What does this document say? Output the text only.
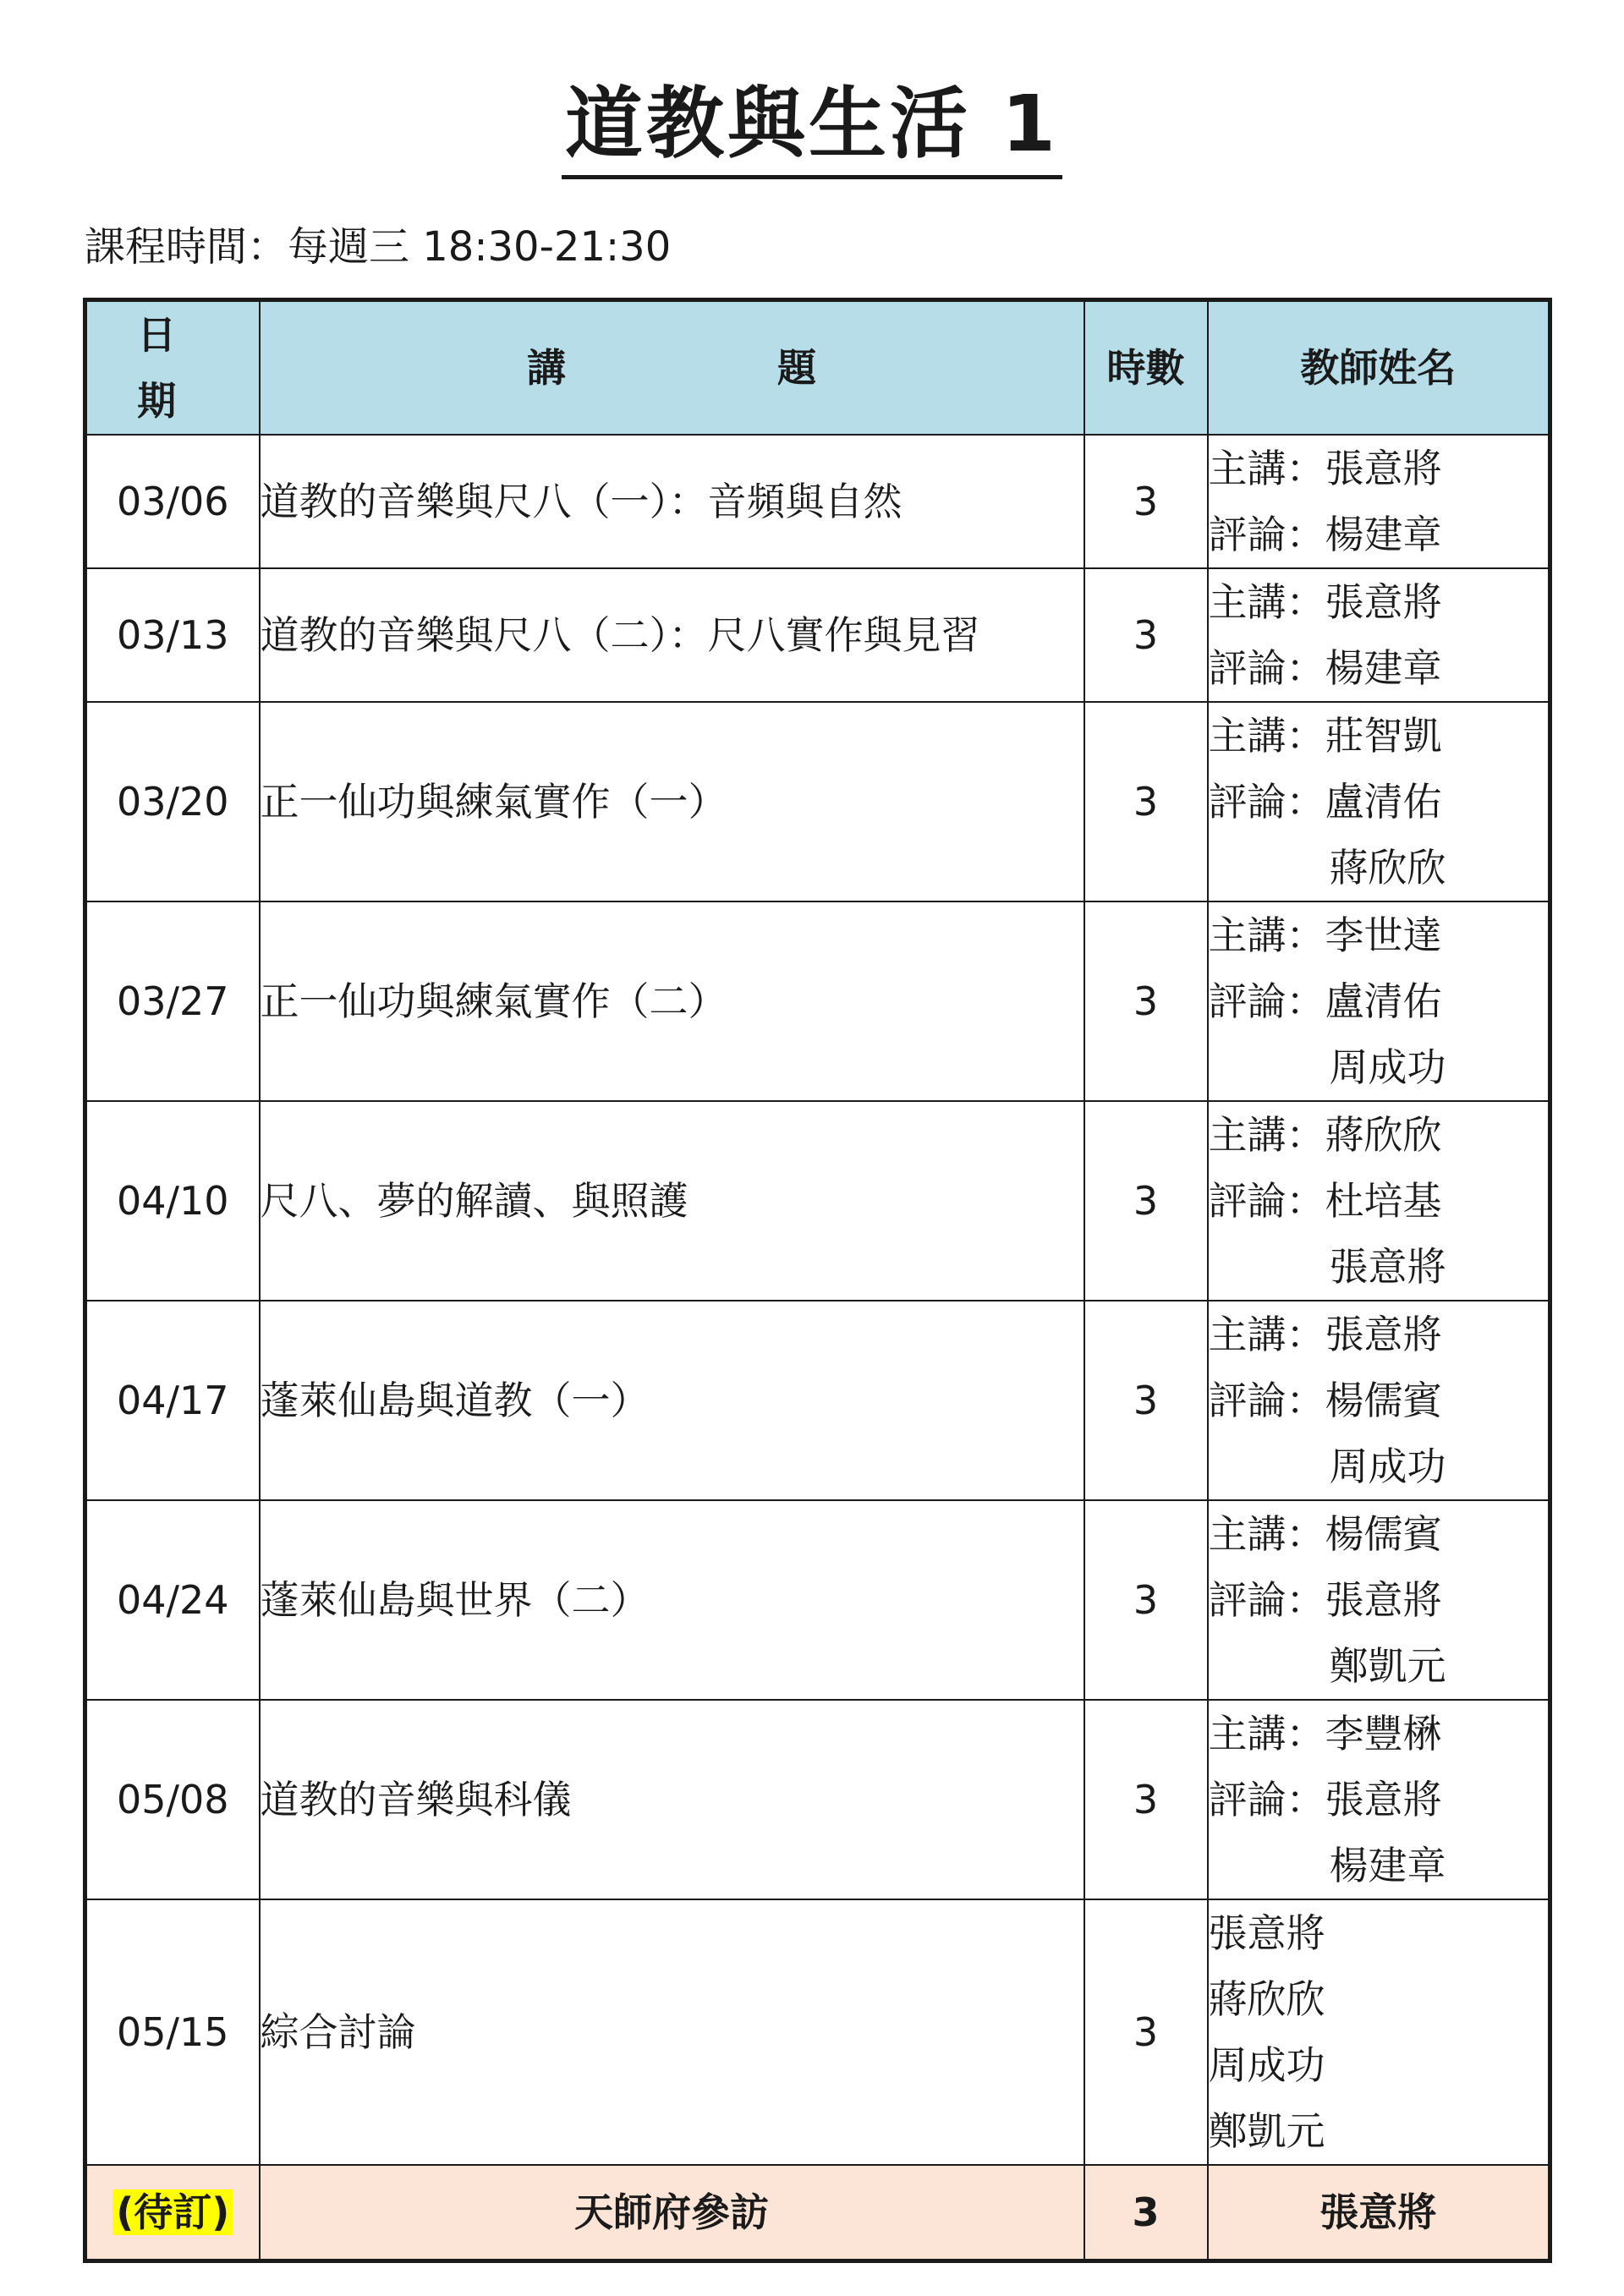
道教與生活 1
課程時間：每週三 18:30-21:30
日 期	講 題	時數	教師姓名
03/06	道教的音樂與尺八（一）：音頻與自然	3	主講：張意將
評論：楊建章

03/13	道教的音樂與尺八（二）：尺八實作與見習	3	主講：張意將
評論：楊建章

03/20	正一仙功與練氣實作（一）	3	主講：莊智凱
評論：盧清佑
蔣欣欣

03/27	正一仙功與練氣實作（二）	3	主講：李世達
評論：盧清佑
周成功

04/10	尺八、夢的解讀、與照護	3	主講：蔣欣欣
評論：杜培基
張意將

04/17	蓬萊仙島與道教（一）	3	主講：張意將
評論：楊儒賓
周成功

04/24	蓬萊仙島與世界（二）	3	主講：楊儒賓
評論：張意將
鄭凱元

05/08	道教的音樂與科儀	3	主講：李豐楙
評論：張意將
楊建章

05/15	綜合討論	3	張意將
蔣欣欣
周成功
鄭凱元

(待訂)	天師府參訪	3	張意將
